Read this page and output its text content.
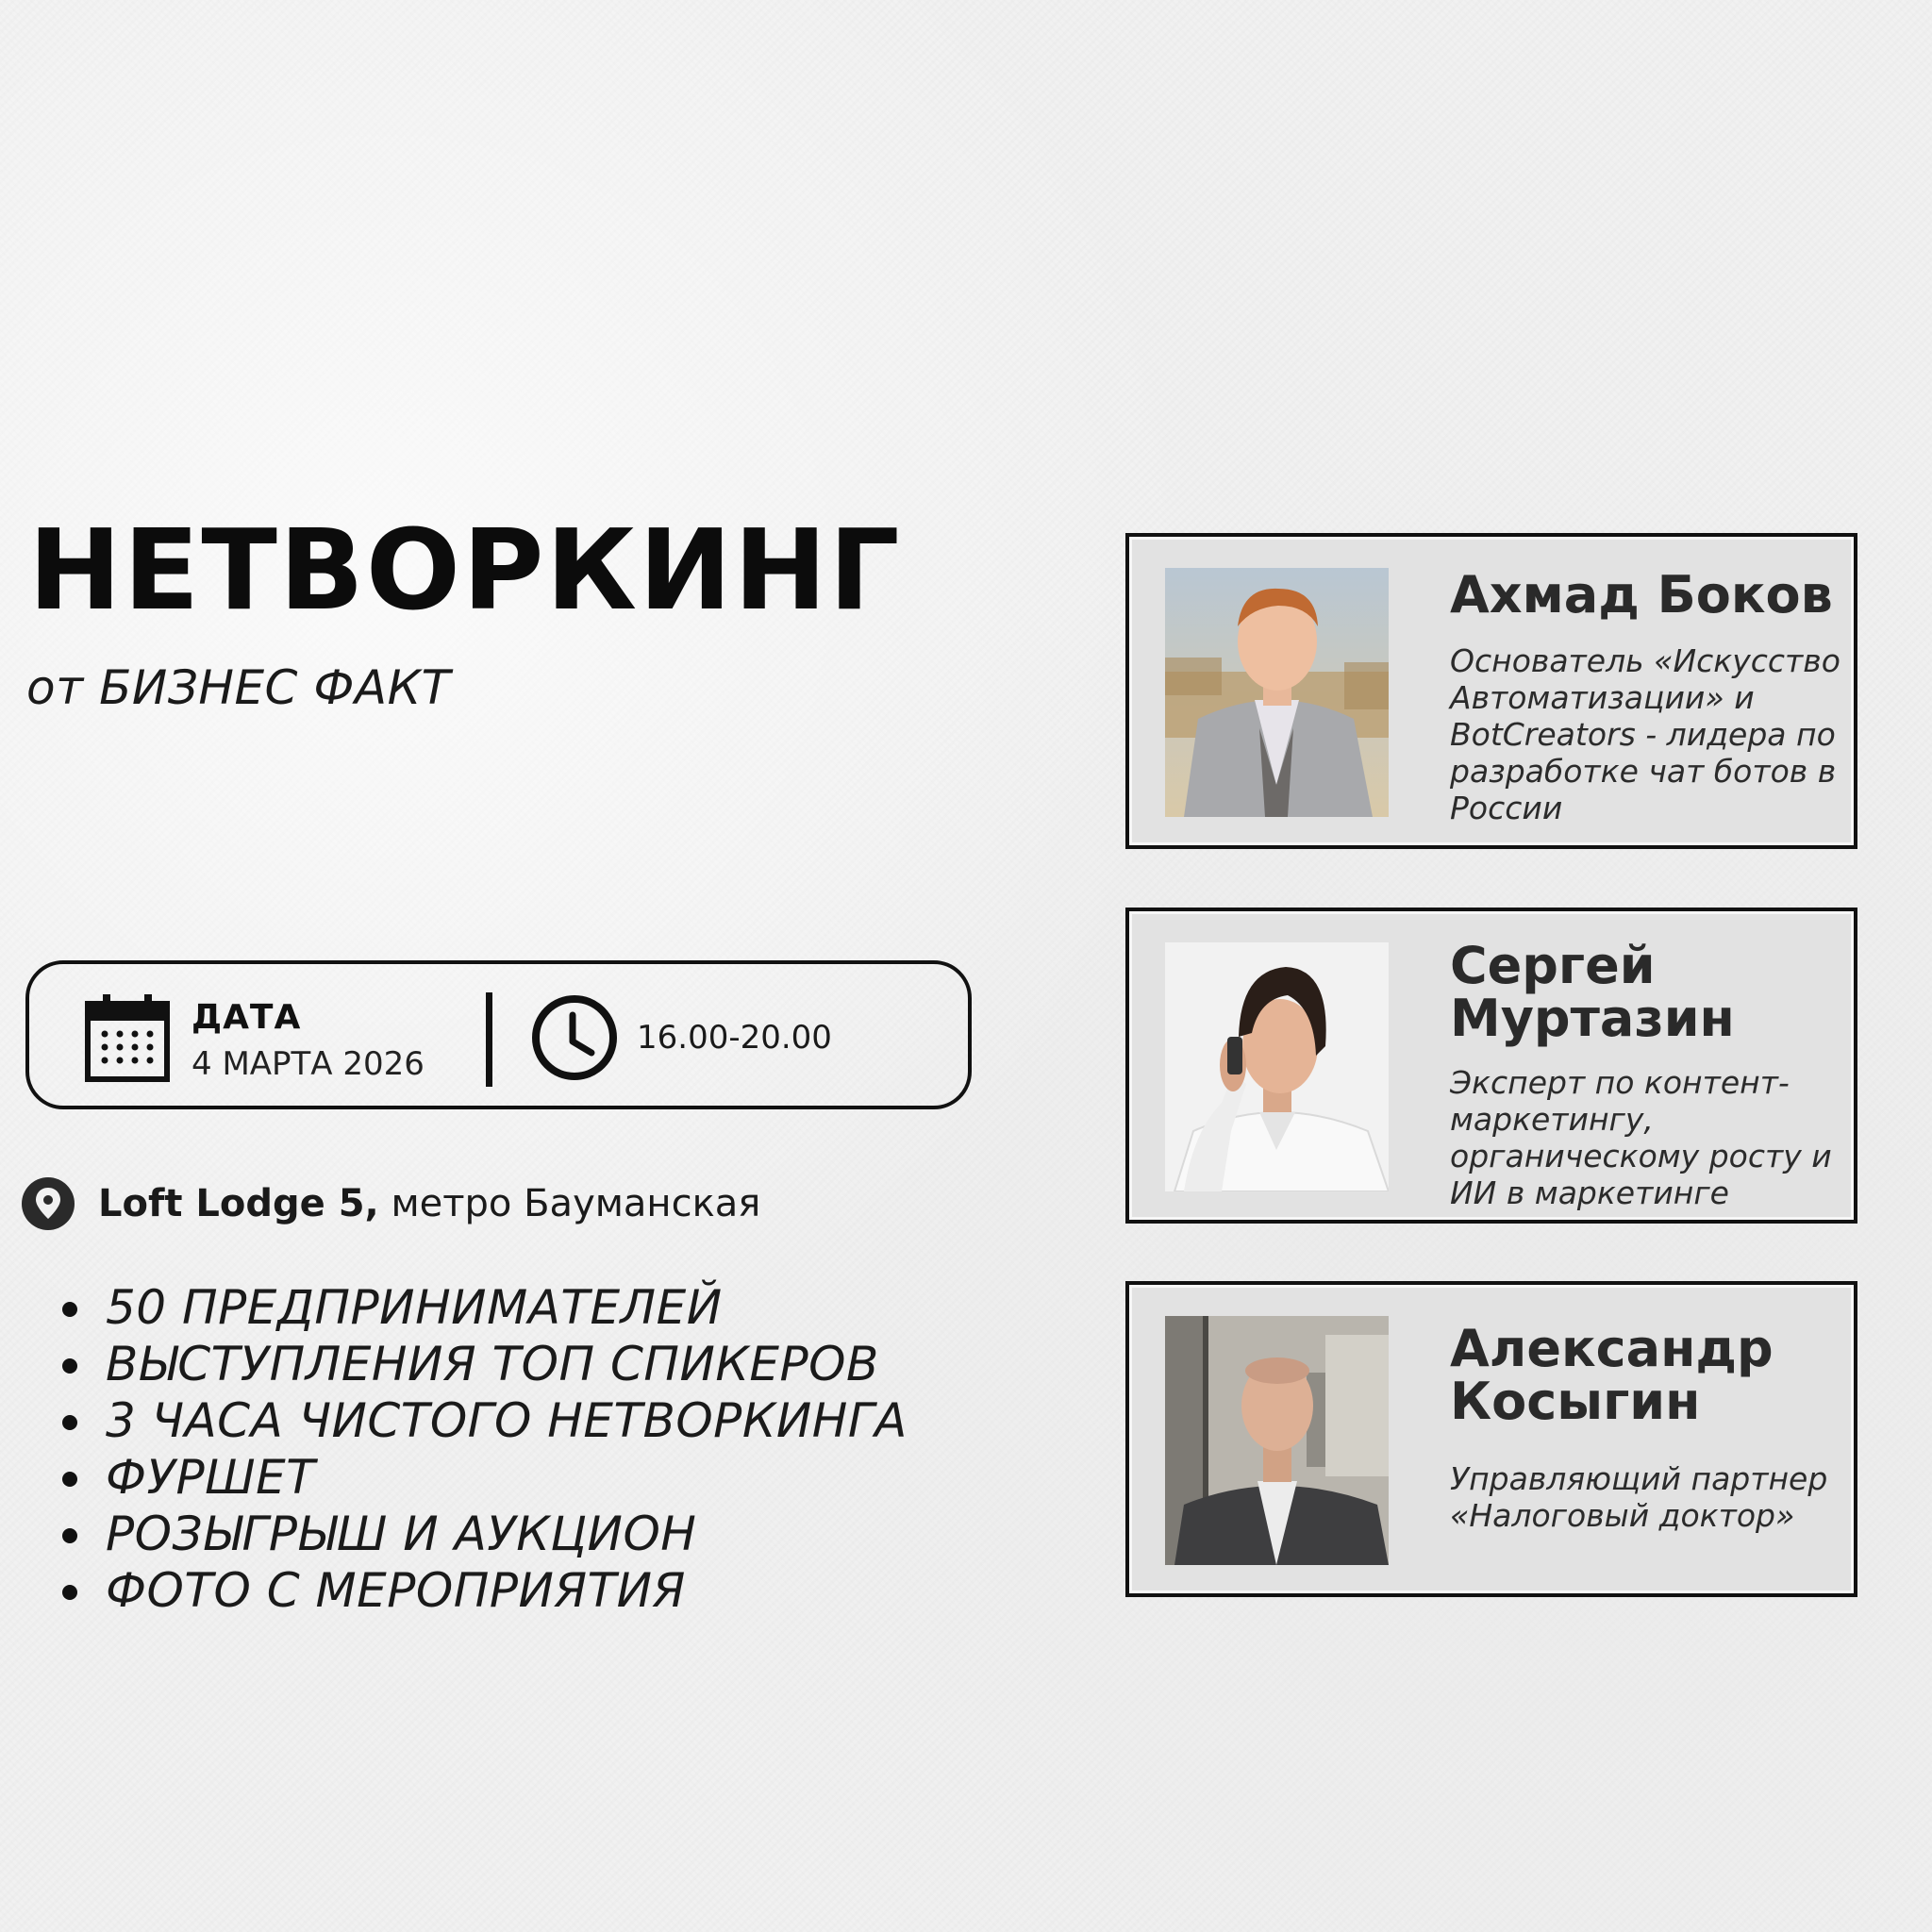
НЕТВОРКИНГ
от БИЗНЕС ФАКТ
ДАТА
4 МАРТА 2026
16.00-20.00
Loft Lodge 5, метро Бауманская
50 ПРЕДПРИНИМАТЕЛЕЙ
ВЫСТУПЛЕНИЯ ТОП СПИКЕРОВ
3 ЧАСА ЧИСТОГО НЕТВОРКИНГА
ФУРШЕТ
РОЗЫГРЫШ И АУКЦИОН
ФОТО С МЕРОПРИЯТИЯ
Ахмад Боков
Основатель «Искусство Автоматизации» и BotCreators - лидера по разработке чат ботов в России
Сергей
Муртазин
Эксперт по контент-маркетингу, органическому росту и ИИ в маркетинге
Александр
Косыгин
Управляющий партнер «Налоговый доктор»
